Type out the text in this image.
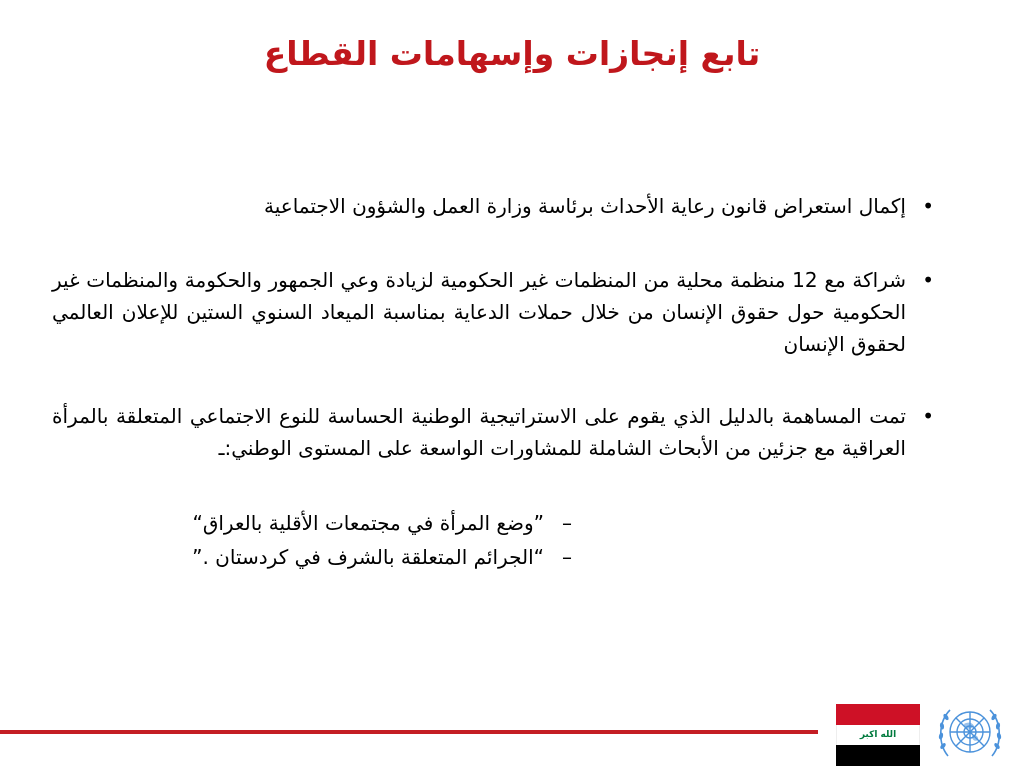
تابع إنجازات وإسهامات القطاع
•
إكمال استعراض قانون رعاية الأحداث برئاسة وزارة العمل والشؤون الاجتماعية
•
شراكة مع 12 منظمة محلية من المنظمات غير الحكومية لزيادة وعي الجمهور والحكومة والمنظمات غير الحكومية حول حقوق الإنسان من خلال حملات الدعاية بمناسبة الميعاد السنوي الستين للإعلان العالمي لحقوق الإنسان
•
تمت المساهمة بالدليل الذي يقوم على الاستراتيجية الوطنية الحساسة للنوع الاجتماعي المتعلقة بالمرأة العراقية مع جزئين من الأبحاث الشاملة للمشاورات الواسعة على المستوى الوطني:ـ
–
”وضع المرأة في مجتمعات الأقلية بالعراق“
–
“الجرائم المتعلقة بالشرف في كردستان .”
الله اكبر
